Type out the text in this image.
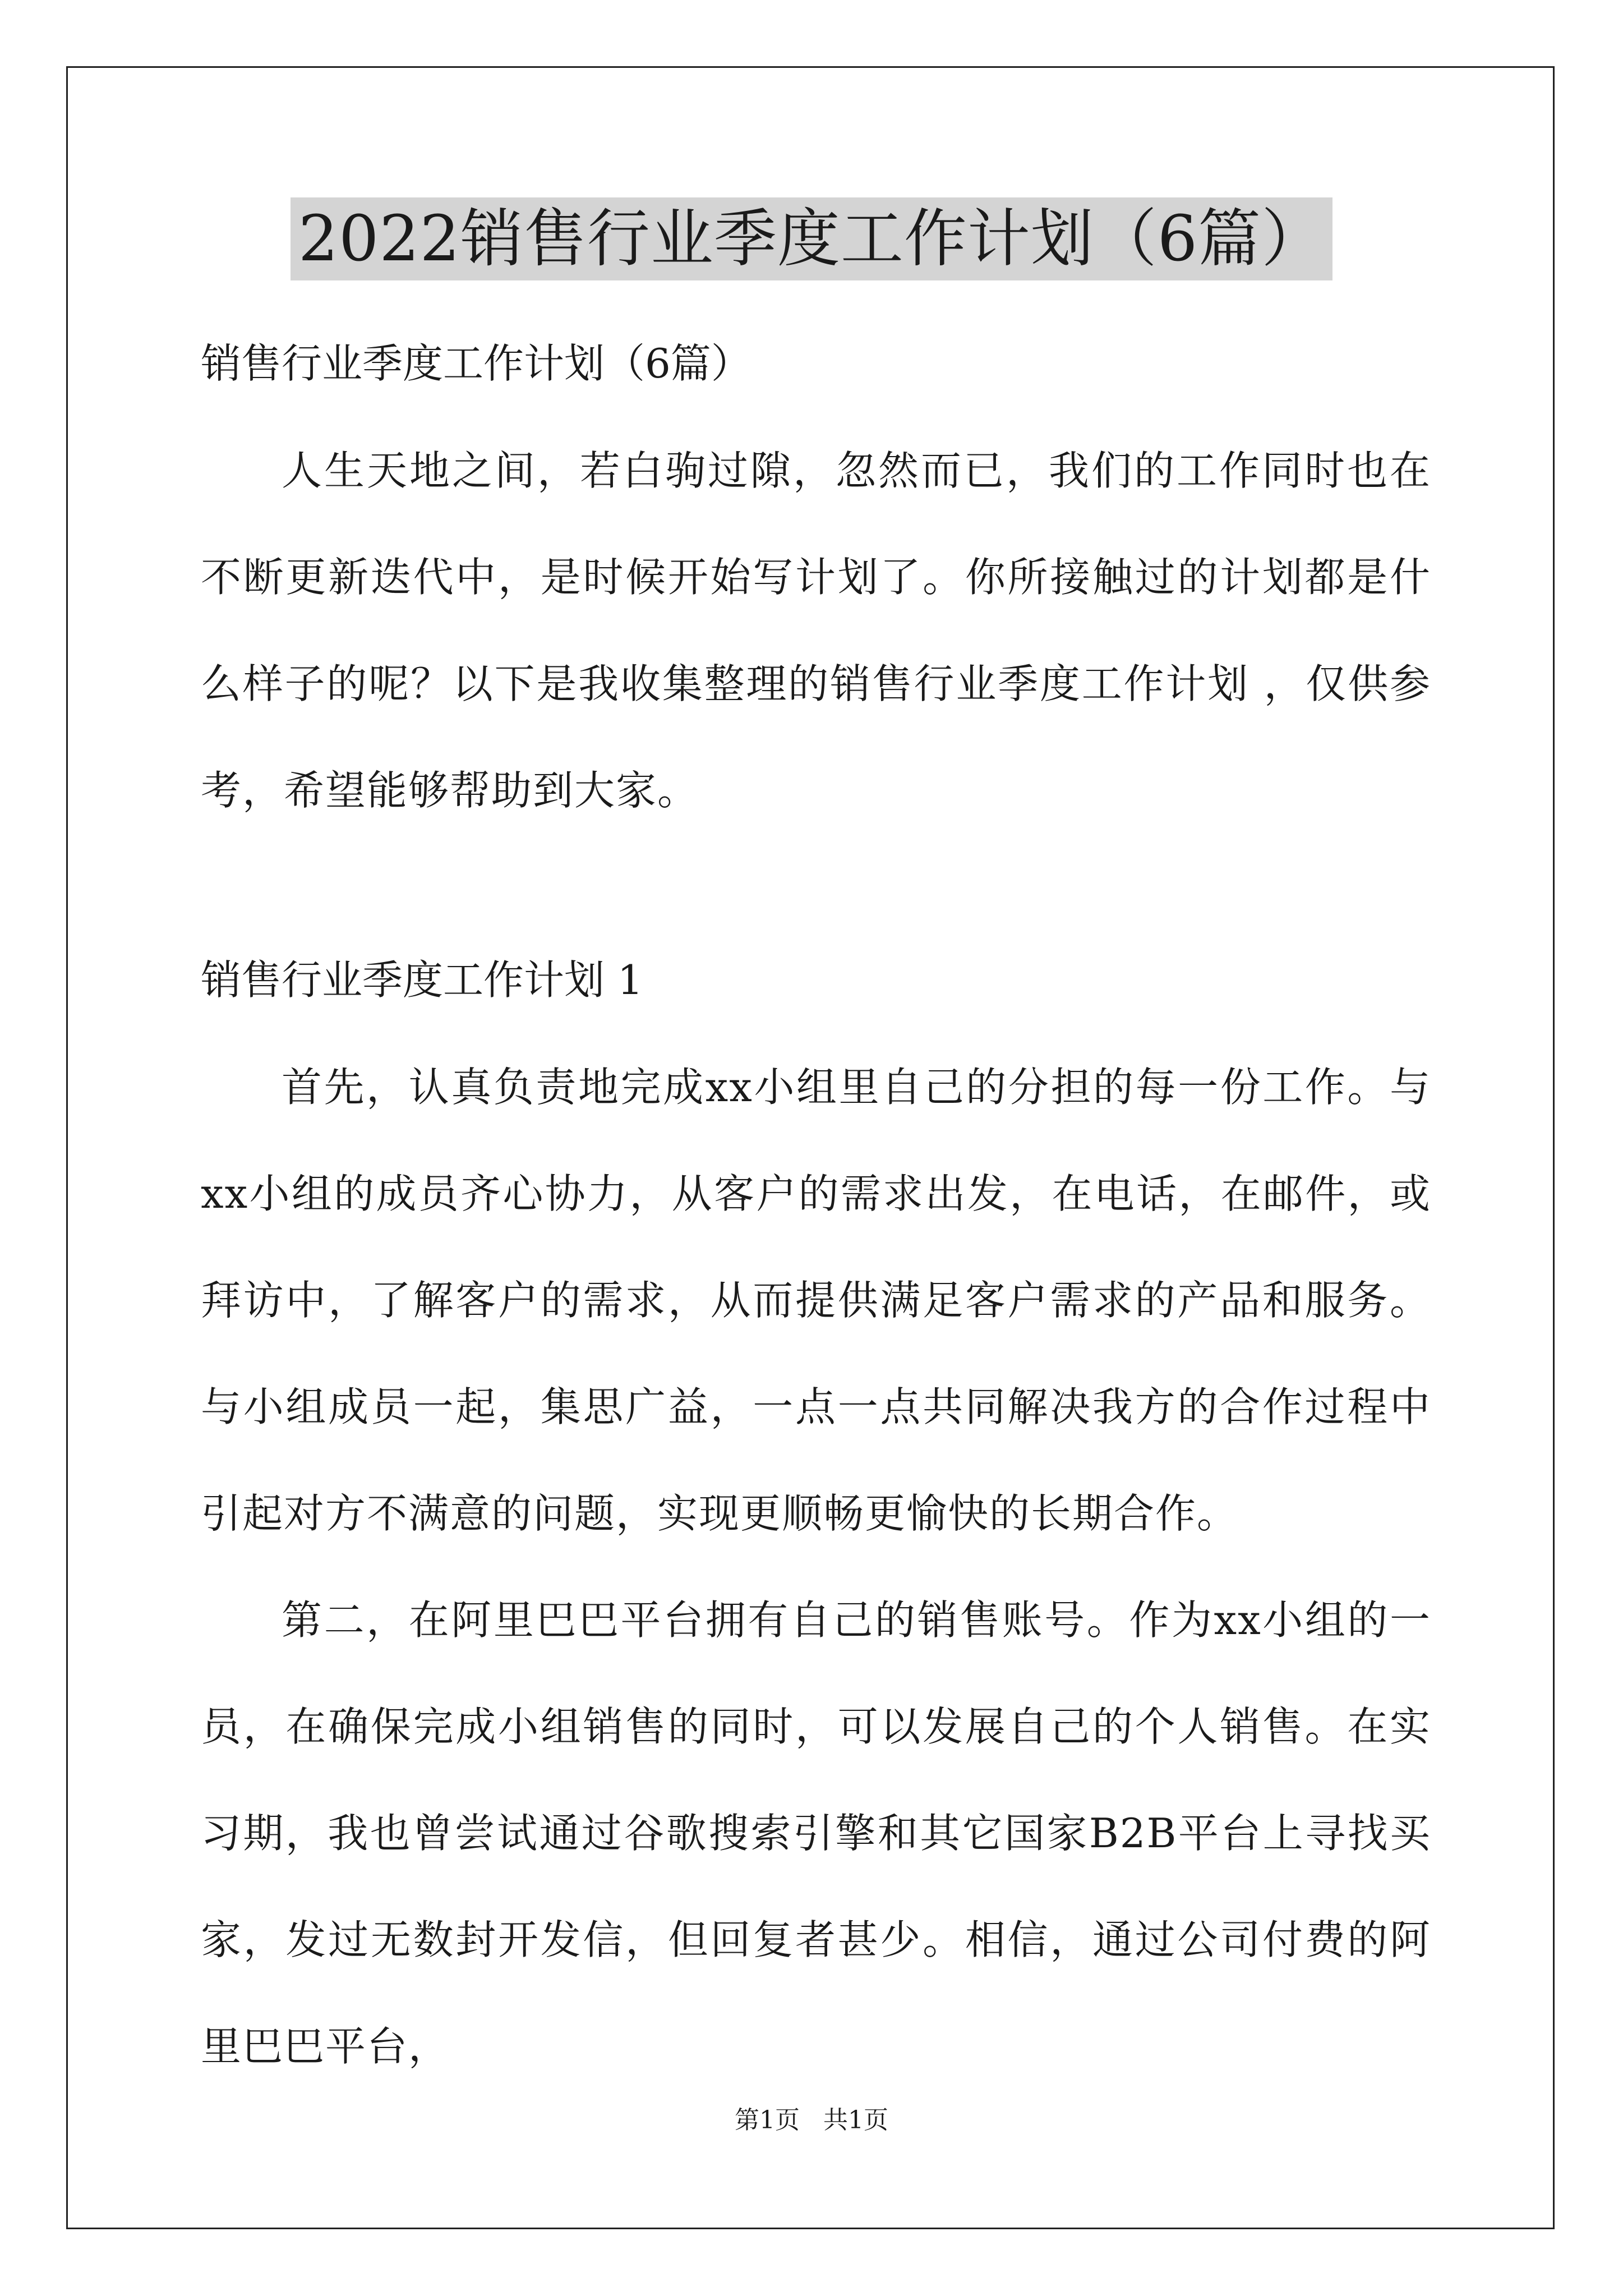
2022销售行业季度工作计划（6篇）

销售行业季度工作计划（6篇）

人生天地之间，若白驹过隙，忽然而已，我们的工作同时也在不断更新迭代中，是时候开始写计划了。你所接触过的计划都是什么样子的呢？以下是我收集整理的销售行业季度工作计划 ，仅供参考，希望能够帮助到大家。

销售行业季度工作计划 1

首先，认真负责地完成xx小组里自己的分担的每一份工作。与xx小组的成员齐心协力，从客户的需求出发，在电话，在邮件，或拜访中，了解客户的需求，从而提供满足客户需求的产品和服务。与小组成员一起，集思广益，一点一点共同解决我方的合作过程中引起对方不满意的问题，实现更顺畅更愉快的长期合作。

第二，在阿里巴巴平台拥有自己的销售账号。作为xx小组的一员，在确保完成小组销售的同时，可以发展自己的个人销售。在实习期，我也曾尝试通过谷歌搜索引擎和其它国家B2B平台上寻找买家，发过无数封开发信，但回复者甚少。相信，通过公司付费的阿里巴巴平台，

第1页   共1页
